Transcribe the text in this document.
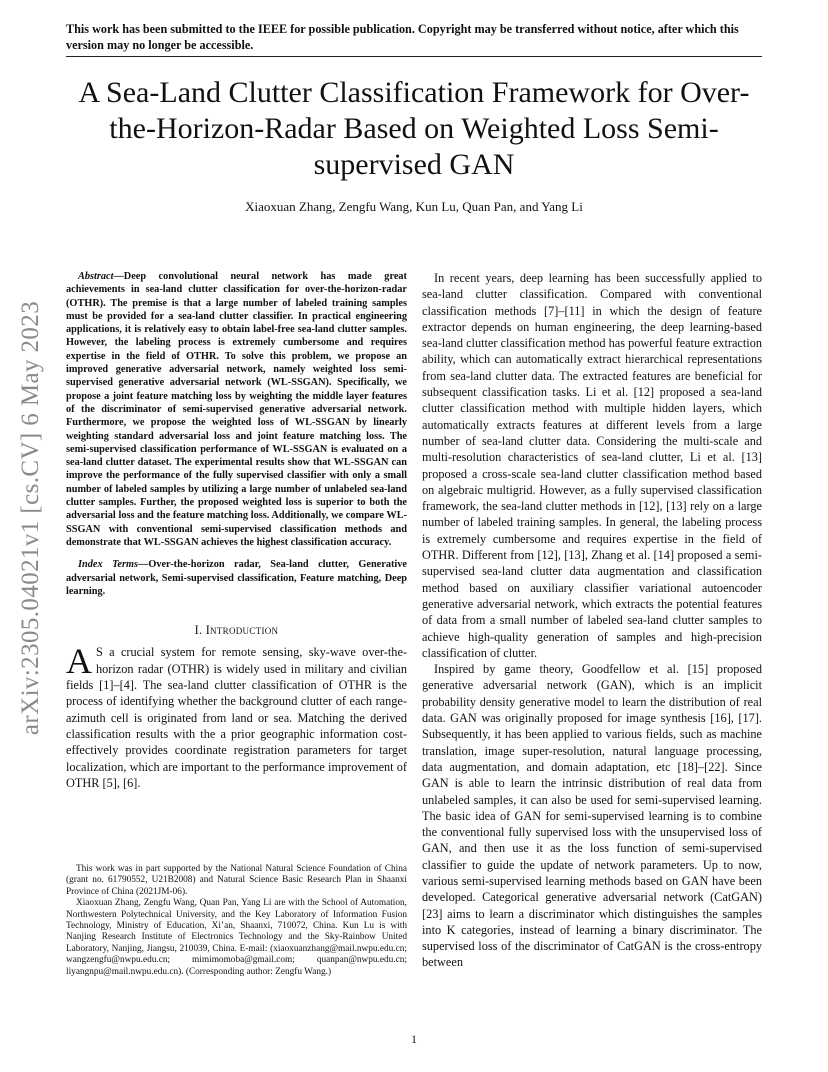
This work has been submitted to the IEEE for possible publication. Copyright may be transferred without notice, after which this version may no longer be accessible.
arXiv:2305.04021v1 [cs.CV] 6 May 2023
A Sea-Land Clutter Classification Framework for Over-the-Horizon-Radar Based on Weighted Loss Semi-supervised GAN
Xiaoxuan Zhang, Zengfu Wang, Kun Lu, Quan Pan, and Yang Li

Abstract—Deep convolutional neural network has made great achievements in sea-land clutter classification for over-the-horizon-radar (OTHR). The premise is that a large number of labeled training samples must be provided for a sea-land clutter classifier. In practical engineering applications, it is relatively easy to obtain label-free sea-land clutter samples. However, the labeling process is extremely cumbersome and requires expertise in the field of OTHR. To solve this problem, we propose an improved generative adversarial network, namely weighted loss semi-supervised generative adversarial network (WL-SSGAN). Specifically, we propose a joint feature matching loss by weighting the middle layer features of the discriminator of semi-supervised generative adversarial network. Furthermore, we propose the weighted loss of WL-SSGAN by linearly weighting standard adversarial loss and joint feature matching loss. The semi-supervised classification performance of WL-SSGAN is evaluated on a sea-land clutter dataset. The experimental results show that WL-SSGAN can improve the performance of the fully supervised classifier with only a small number of labeled samples by utilizing a large number of unlabeled sea-land clutter samples. Further, the proposed weighted loss is superior to both the adversarial loss and the feature matching loss. Additionally, we compare WL-SSGAN with conventional semi-supervised classification methods and demonstrate that WL-SSGAN achieves the highest classification accuracy.

Index Terms—Over-the-horizon radar, Sea-land clutter, Generative adversarial network, Semi-supervised classification, Feature matching, Deep learning.

I. Introduction

A S a crucial system for remote sensing, sky-wave over-the-horizon radar (OTHR) is widely used in military and civilian fields [1]–[4]. The sea-land clutter classification of OTHR is the process of identifying whether the background clutter of each range-azimuth cell is originated from land or sea. Matching the derived classification results with the a prior geographic information cost-effectively provides coordinate registration parameters for target localization, which are important to the performance improvement of OTHR [5], [6].

This work was in part supported by the National Natural Science Foundation of China (grant no. 61790552, U21B2008) and Natural Science Basic Research Plan in Shaanxi Province of China (2021JM-06).

Xiaoxuan Zhang, Zengfu Wang, Quan Pan, Yang Li are with the School of Automation, Northwestern Polytechnical University, and the Key Laboratory of Information Fusion Technology, Ministry of Education, Xi’an, Shaanxi, 710072, China. Kun Lu is with Nanjing Research Institute of Electronics Technology and the Sky-Rainbow United Laboratory, Nanjing, Jiangsu, 210039, China. E-mail: (xiaoxuanzhang@mail.nwpu.edu.cn; wangzengfu@nwpu.edu.cn; mimimomoba@gmail.com; quanpan@nwpu.edu.cn; liyangnpu@mail.nwpu.edu.cn). (Corresponding author: Zengfu Wang.)

In recent years, deep learning has been successfully applied to sea-land clutter classification. Compared with conventional classification methods [7]–[11] in which the design of feature extractor depends on human engineering, the deep learning-based sea-land clutter classification method has powerful feature extraction ability, which can automatically extract hierarchical representations from sea-land clutter data. The extracted features are beneficial for subsequent classification tasks. Li et al. [12] proposed a sea-land clutter classification method with multiple hidden layers, which automatically extracts features at different levels from a large number of sea-land clutter data. Considering the multi-scale and multi-resolution characteristics of sea-land clutter, Li et al. [13] proposed a cross-scale sea-land clutter classification method based on algebraic multigrid. However, as a fully supervised classification framework, the sea-land clutter methods in [12], [13] rely on a large number of labeled training samples. In general, the labeling process is extremely cumbersome and requires expertise in the field of OTHR. Different from [12], [13], Zhang et al. [14] proposed a semi-supervised sea-land clutter data augmentation and classification method based on auxiliary classifier variational autoencoder generative adversarial network, which extracts the potential features of data from a small number of labeled sea-land clutter samples to achieve high-quality generation of samples and high-precision classification of clutter.

Inspired by game theory, Goodfellow et al. [15] proposed generative adversarial network (GAN), which is an implicit probability density generative model to learn the distribution of real data. GAN was originally proposed for image synthesis [16], [17]. Subsequently, it has been applied to various fields, such as machine translation, image super-resolution, natural language processing, data augmentation, and domain adaptation, etc [18]–[22]. Since GAN is able to learn the intrinsic distribution of real data from unlabeled samples, it can also be used for semi-supervised learning. The basic idea of GAN for semi-supervised learning is to combine the conventional fully supervised loss with the unsupervised loss of GAN, and then use it as the loss function of semi-supervised classifier to guide the update of network parameters. Up to now, various semi-supervised learning methods based on GAN have been developed. Categorical generative adversarial network (CatGAN) [23] aims to learn a discriminator which distinguishes the samples into K categories, instead of learning a binary discriminator. The supervised loss of the discriminator of CatGAN is the cross-entropy between

1
